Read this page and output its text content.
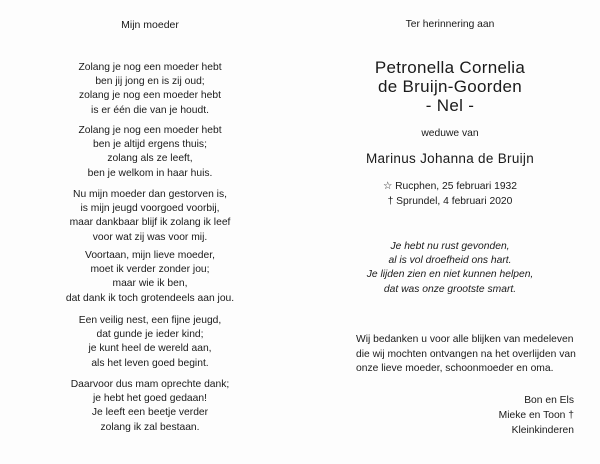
Mijn moeder
Zolang je nog een moeder hebt
ben jij jong en is zij oud;
zolang je nog een moeder hebt
is er één die van je houdt.
Zolang je nog een moeder hebt
ben je altijd ergens thuis;
zolang als ze leeft,
ben je welkom in haar huis.
Nu mijn moeder dan gestorven is,
is mijn jeugd voorgoed voorbij,
maar dankbaar blijf ik zolang ik leef
voor wat zij was voor mij.
Voortaan, mijn lieve moeder,
moet ik verder zonder jou;
maar wie ik ben,
dat dank ik toch grotendeels aan jou.
Een veilig nest, een fijne jeugd,
dat gunde je ieder kind;
je kunt heel de wereld aan,
als het leven goed begint.
Daarvoor dus mam oprechte dank;
je hebt het goed gedaan!
Je leeft een beetje verder
zolang ik zal bestaan.
Ter herinnering aan
Petronella Cornelia
de Bruijn-Goorden
- Nel -
weduwe van
Marinus Johanna de Bruijn
☆ Rucphen, 25 februari 1932
† Sprundel, 4 februari 2020
Je hebt nu rust gevonden,
al is vol droefheid ons hart.
Je lijden zien en niet kunnen helpen,
dat was onze grootste smart.
Wij bedanken u voor alle blijken van medeleven
die wij mochten ontvangen na het overlijden van
onze lieve moeder, schoonmoeder en oma.
Bon en Els
Mieke en Toon †
Kleinkinderen
